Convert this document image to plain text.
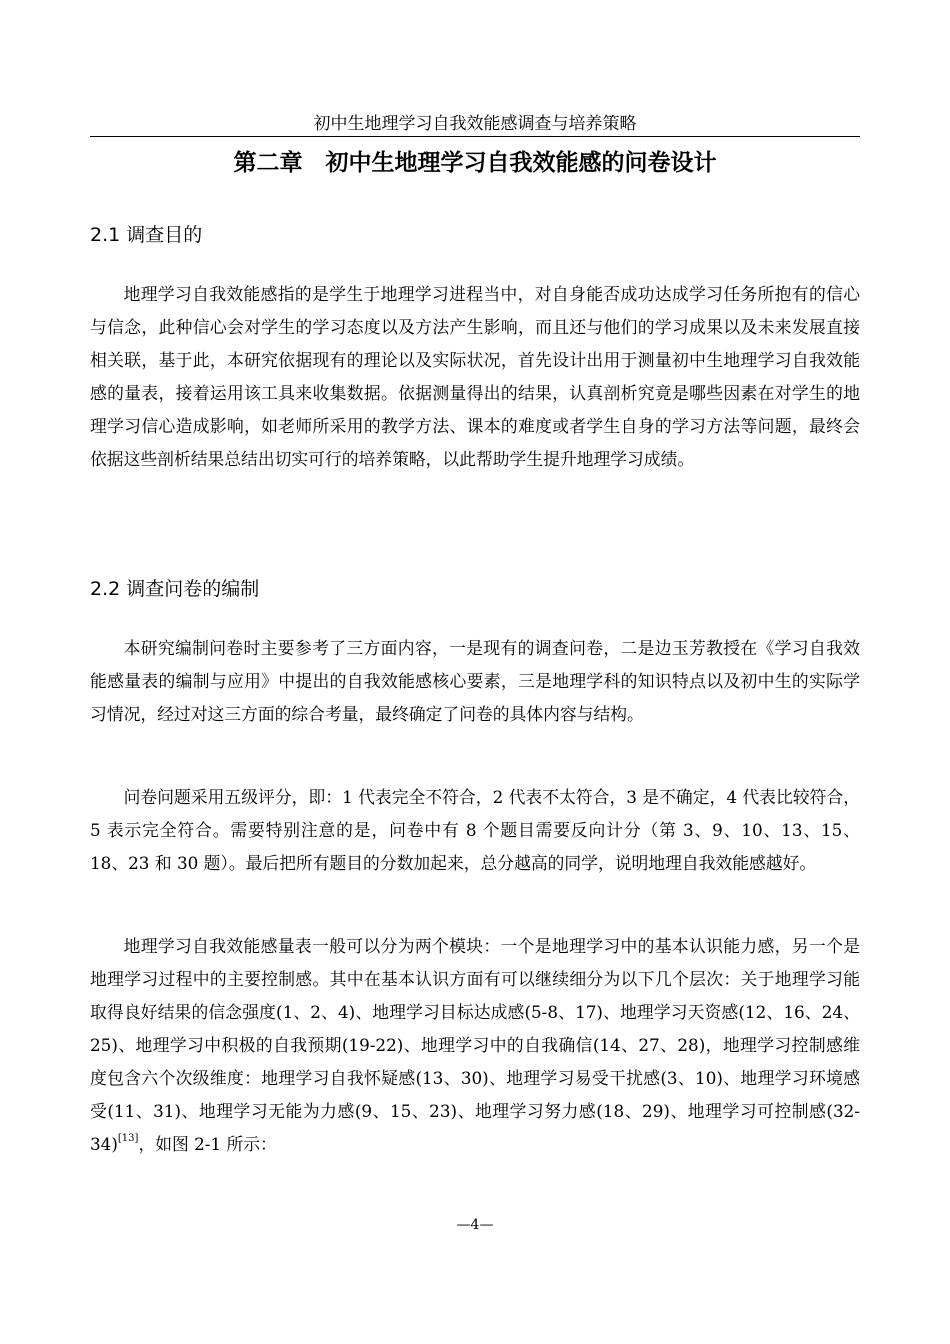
初中生地理学习自我效能感调查与培养策略
第二章　初中生地理学习自我效能感的问卷设计
2.1 调查目的

地理学习自我效能感指的是学生于地理学习进程当中，对自身能否成功达成学习任务所抱有的信心与信念，此种信心会对学生的学习态度以及方法产生影响，而且还与他们的学习成果以及未来发展直接相关联，基于此，本研究依据现有的理论以及实际状况，首先设计出用于测量初中生地理学习自我效能感的量表，接着运用该工具来收集数据。依据测量得出的结果，认真剖析究竟是哪些因素在对学生的地理学习信心造成影响，如老师所采用的教学方法、课本的难度或者学生自身的学习方法等问题，最终会依据这些剖析结果总结出切实可行的培养策略，以此帮助学生提升地理学习成绩。

2.2 调查问卷的编制

本研究编制问卷时主要参考了三方面内容，一是现有的调查问卷，二是边玉芳教授在《学习自我效能感量表的编制与应用》中提出的自我效能感核心要素，三是地理学科的知识特点以及初中生的实际学习情况，经过对这三方面的综合考量，最终确定了问卷的具体内容与结构。

问卷问题采用五级评分，即：1 代表完全不符合，2 代表不太符合，3 是不确定，4 代表比较符合，5 表示完全符合。需要特别注意的是，问卷中有 8 个题目需要反向计分（第 3、9、10、13、15、18、23 和 30 题）。最后把所有题目的分数加起来，总分越高的同学，说明地理自我效能感越好。

地理学习自我效能感量表一般可以分为两个模块：一个是地理学习中的基本认识能力感，另一个是地理学习过程中的主要控制感。其中在基本认识方面有可以继续细分为以下几个层次：关于地理学习能取得良好结果的信念强度(1、2、4)、地理学习目标达成感(5-8、17)、地理学习天资感(12、16、24、25)、地理学习中积极的自我预期(19-22)、地理学习中的自我确信(14、27、28)，地理学习控制感维度包含六个次级维度：地理学习自我怀疑感(13、30)、地理学习易受干扰感(3、10)、地理学习环境感受(11、31)、地理学习无能为力感(9、15、23)、地理学习努力感(18、29)、地理学习可控制感(32-34)[13]，如图 2-1 所示：

—4—
